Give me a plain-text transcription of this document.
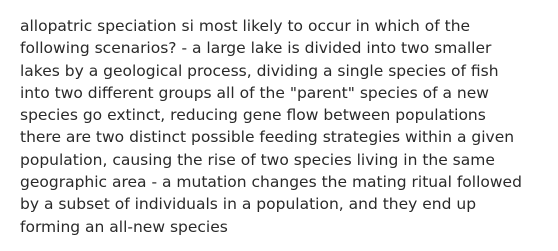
allopatric speciation si most likely to occur in which of the
following scenarios? - a large lake is divided into two smaller
lakes by a geological process, dividing a single species of fish
into two different groups all of the "parent" species of a new
species go extinct, reducing gene flow between populations
there are two distinct possible feeding strategies within a given
population, causing the rise of two species living in the same
geographic area - a mutation changes the mating ritual followed
by a subset of individuals in a population, and they end up
forming an all-new species
